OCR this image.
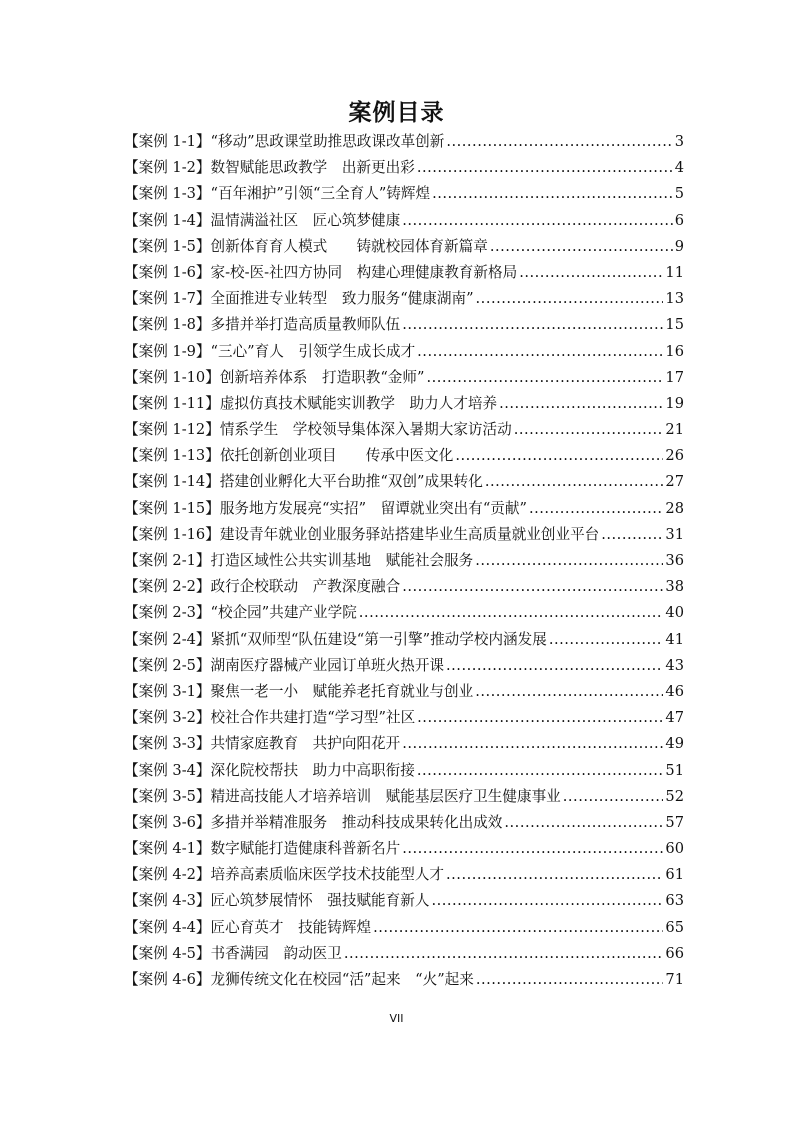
案例目录
【案例 1-1】 “移动”思政课堂助推思政课改革创新 .....	3
【案例 1-2】 数智赋能思政教学　出新更出彩 .....	4
【案例 1-3】 “百年湘护”引领“三全育人”铸辉煌 .....	5
【案例 1-4】 温情满溢社区　匠心筑梦健康 .....	6
【案例 1-5】 创新体育育人模式　　铸就校园体育新篇章 .....	9
【案例 1-6】 家-校-医-社四方协同　构建心理健康教育新格局 .....	11
【案例 1-7】 全面推进专业转型　致力服务“健康湖南” .....	13
【案例 1-8】 多措并举打造高质量教师队伍 .....	15
【案例 1-9】 “三心”育人　引领学生成长成才 .....	16
【案例 1-10】 创新培养体系　打造职教“金师” .....	17
【案例 1-11】 虚拟仿真技术赋能实训教学　助力人才培养 .....	19
【案例 1-12】 情系学生　学校领导集体深入暑期大家访活动 .....	21
【案例 1-13】 依托创新创业项目　　传承中医文化 .....	26
【案例 1-14】 搭建创业孵化大平台助推“双创”成果转化 .....	27
【案例 1-15】 服务地方发展亮“实招”　留谭就业突出有“贡献” .....	28
【案例 1-16】 建设青年就业创业服务驿站搭建毕业生高质量就业创业平台 .....	31
【案例 2-1】 打造区域性公共实训基地　赋能社会服务 .....	36
【案例 2-2】 政行企校联动　产教深度融合 .....	38
【案例 2-3】 “校企园”共建产业学院 .....	40
【案例 2-4】 紧抓“双师型“队伍建设“第一引擎”推动学校内涵发展 .....	41
【案例 2-5】 湖南医疗器械产业园订单班火热开课 .....	43
【案例 3-1】 聚焦一老一小　赋能养老托育就业与创业 .....	46
【案例 3-2】 校社合作共建打造“学习型”社区 .....	47
【案例 3-3】 共情家庭教育　共护向阳花开 .....	49
【案例 3-4】 深化院校帮扶　助力中高职衔接 .....	51
【案例 3-5】 精进高技能人才培养培训　赋能基层医疗卫生健康事业 .....	52
【案例 3-6】 多措并举精准服务　推动科技成果转化出成效 .....	57
【案例 4-1】 数字赋能打造健康科普新名片 .....	60
【案例 4-2】 培养高素质临床医学技术技能型人才 .....	61
【案例 4-3】 匠心筑梦展情怀　强技赋能育新人 .....	63
【案例 4-4】 匠心育英才　技能铸辉煌 .....	65
【案例 4-5】 书香满园　韵动医卫 .....	66
【案例 4-6】 龙狮传统文化在校园“活”起来　“火”起来 .....	71
VII
